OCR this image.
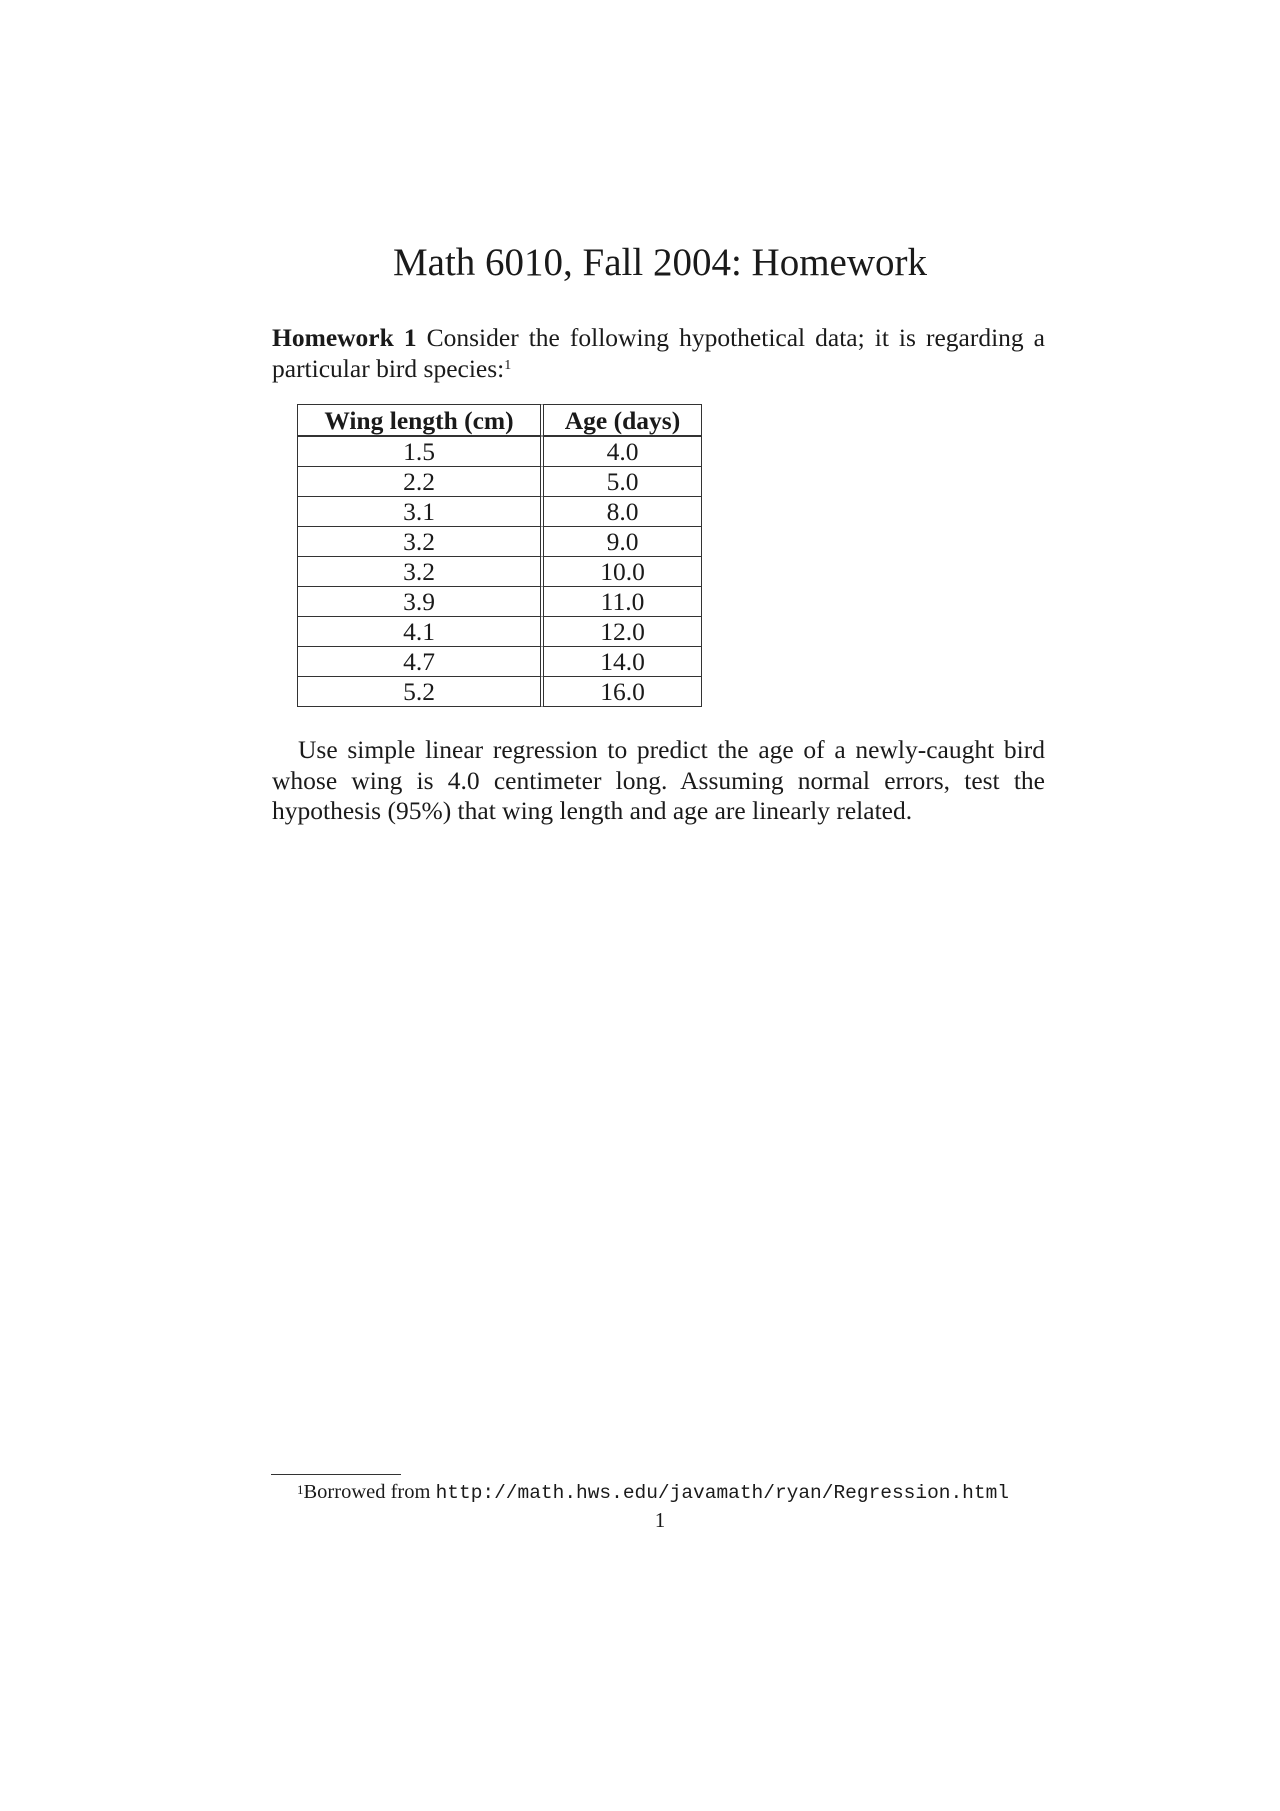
Math 6010, Fall 2004: Homework

Homework 1 Consider the following hypothetical data; it is regarding a particular bird species:$^1$

Wing length (cm)	Age (days)
1.5	4.0
2.2	5.0
3.1	8.0
3.2	9.0
3.2	10.0
3.9	11.0
4.1	12.0
4.7	14.0
5.2	16.0

Use simple linear regression to predict the age of a newly-caught bird whose wing is 4.0 centimeter long. Assuming normal errors, test the hypothesis (95%) that wing length and age are linearly related.

$^1$Borrowed from http://math.hws.edu/javamath/ryan/Regression.html
1
